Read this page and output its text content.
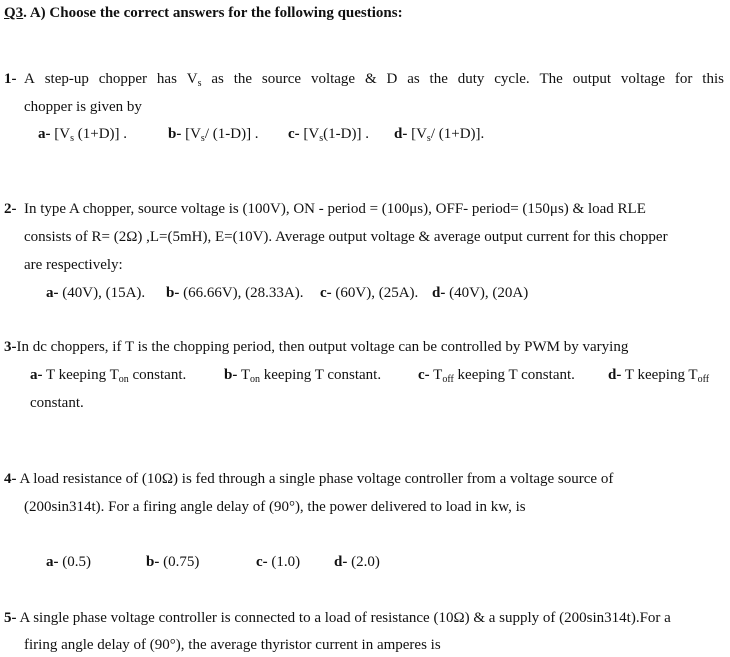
Q3. A) Choose the correct answers for the following questions:
1- A step-up chopper has $V_s$ as the source voltage & D as the duty cycle. The output voltage for this
chopper is given by
a- [$V_s$ (1+D)] .	b- [$V_s/$ (1-D)] . c- $[V_s(1-D)]$ . d- [$V_s/$ (1+D)].
2- In type A chopper, source voltage is (100V), ON - period = (100μs), OFF- period= (150μs) & load RLE
consists of R= (2Ω) ,L=(5mH), E=(10V). Average output voltage & average output current for this chopper
are respectively:
a- (40V), (15A). b- (66.66V), (28.33A). c- (60V), (25A). d- (40V), (20A)
3-In dc choppers, if T is the chopping period, then output voltage can be controlled by PWM by varying
a- T keeping $T_{on}$ constant.	b- $T_{on}$ keeping T constant. c- $T_{off}$ keeping T constant. d- T keeping $T_{off}$
constant.
4- A load resistance of (10Ω) is fed through a single phase voltage controller from a voltage source of
(200sin314t). For a firing angle delay of (90°), the power delivered to load in kw, is
a- (0.5)	b- (0.75)	c- (1.0) d- (2.0)
5- A single phase voltage controller is connected to a load of resistance (10Ω) & a supply of (200sin314t).For a
firing angle delay of (90°), the average thyristor current in amperes is
